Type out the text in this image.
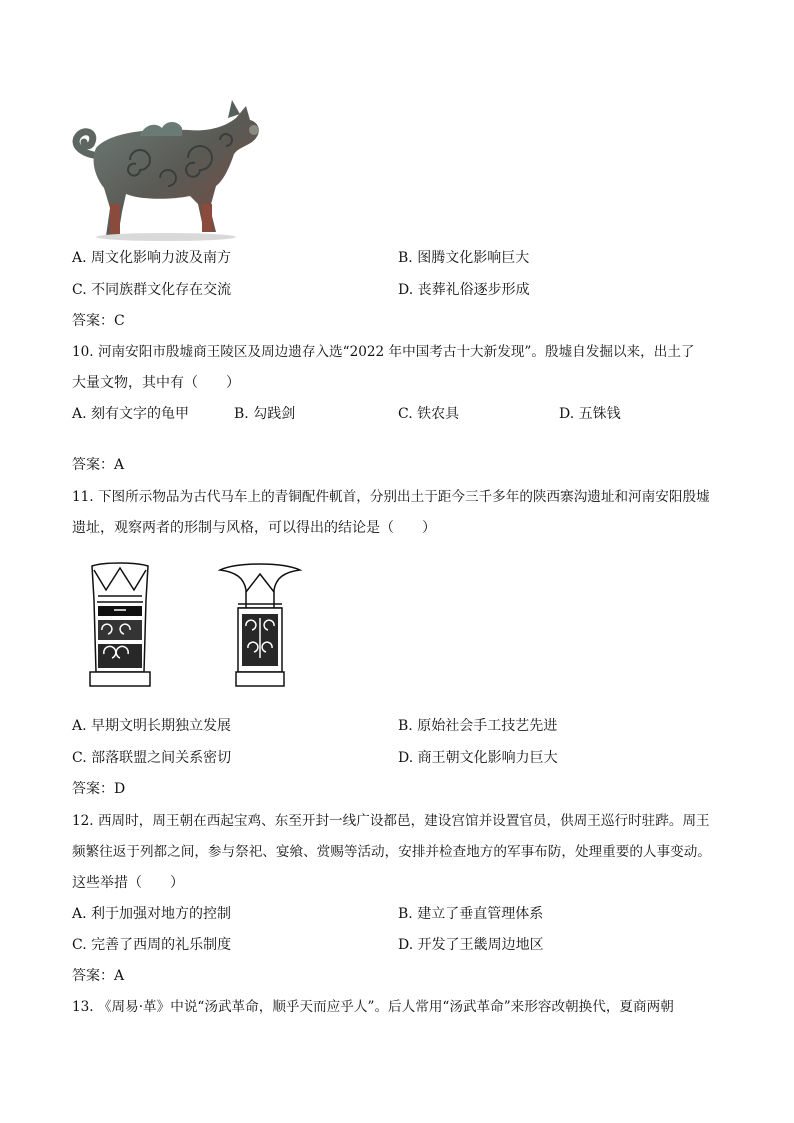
A. 周文化影响力波及南方	B. 图腾文化影响巨大
C. 不同族群文化存在交流	D. 丧葬礼俗逐步形成
答案：C
10. 河南安阳市殷墟商王陵区及周边遗存入选“2022 年中国考古十大新发现”。殷墟自发掘以来，出土了
大量文物，其中有（　　）
A. 刻有文字的龟甲	B. 勾践剑	C. 铁农具	D. 五铢钱
答案：A
11. 下图所示物品为古代马车上的青铜配件軏首，分别出土于距今三千多年的陕西寨沟遗址和河南安阳殷墟
遗址，观察两者的形制与风格，可以得出的结论是（　　）
A. 早期文明长期独立发展	B. 原始社会手工技艺先进
C. 部落联盟之间关系密切	D. 商王朝文化影响力巨大
答案：D
12. 西周时，周王朝在西起宝鸡、东至开封一线广设都邑，建设宫馆并设置官员，供周王巡行时驻跸。周王
频繁往返于列都之间，参与祭祀、宴飨、赏赐等活动，安排并检查地方的军事布防，处理重要的人事变动。
这些举措（　　）
A. 利于加强对地方的控制	B. 建立了垂直管理体系
C. 完善了西周的礼乐制度	D. 开发了王畿周边地区
答案：A
13. 《周易·革》中说“汤武革命，顺乎天而应乎人”。后人常用“汤武革命”来形容改朝换代，夏商两朝
